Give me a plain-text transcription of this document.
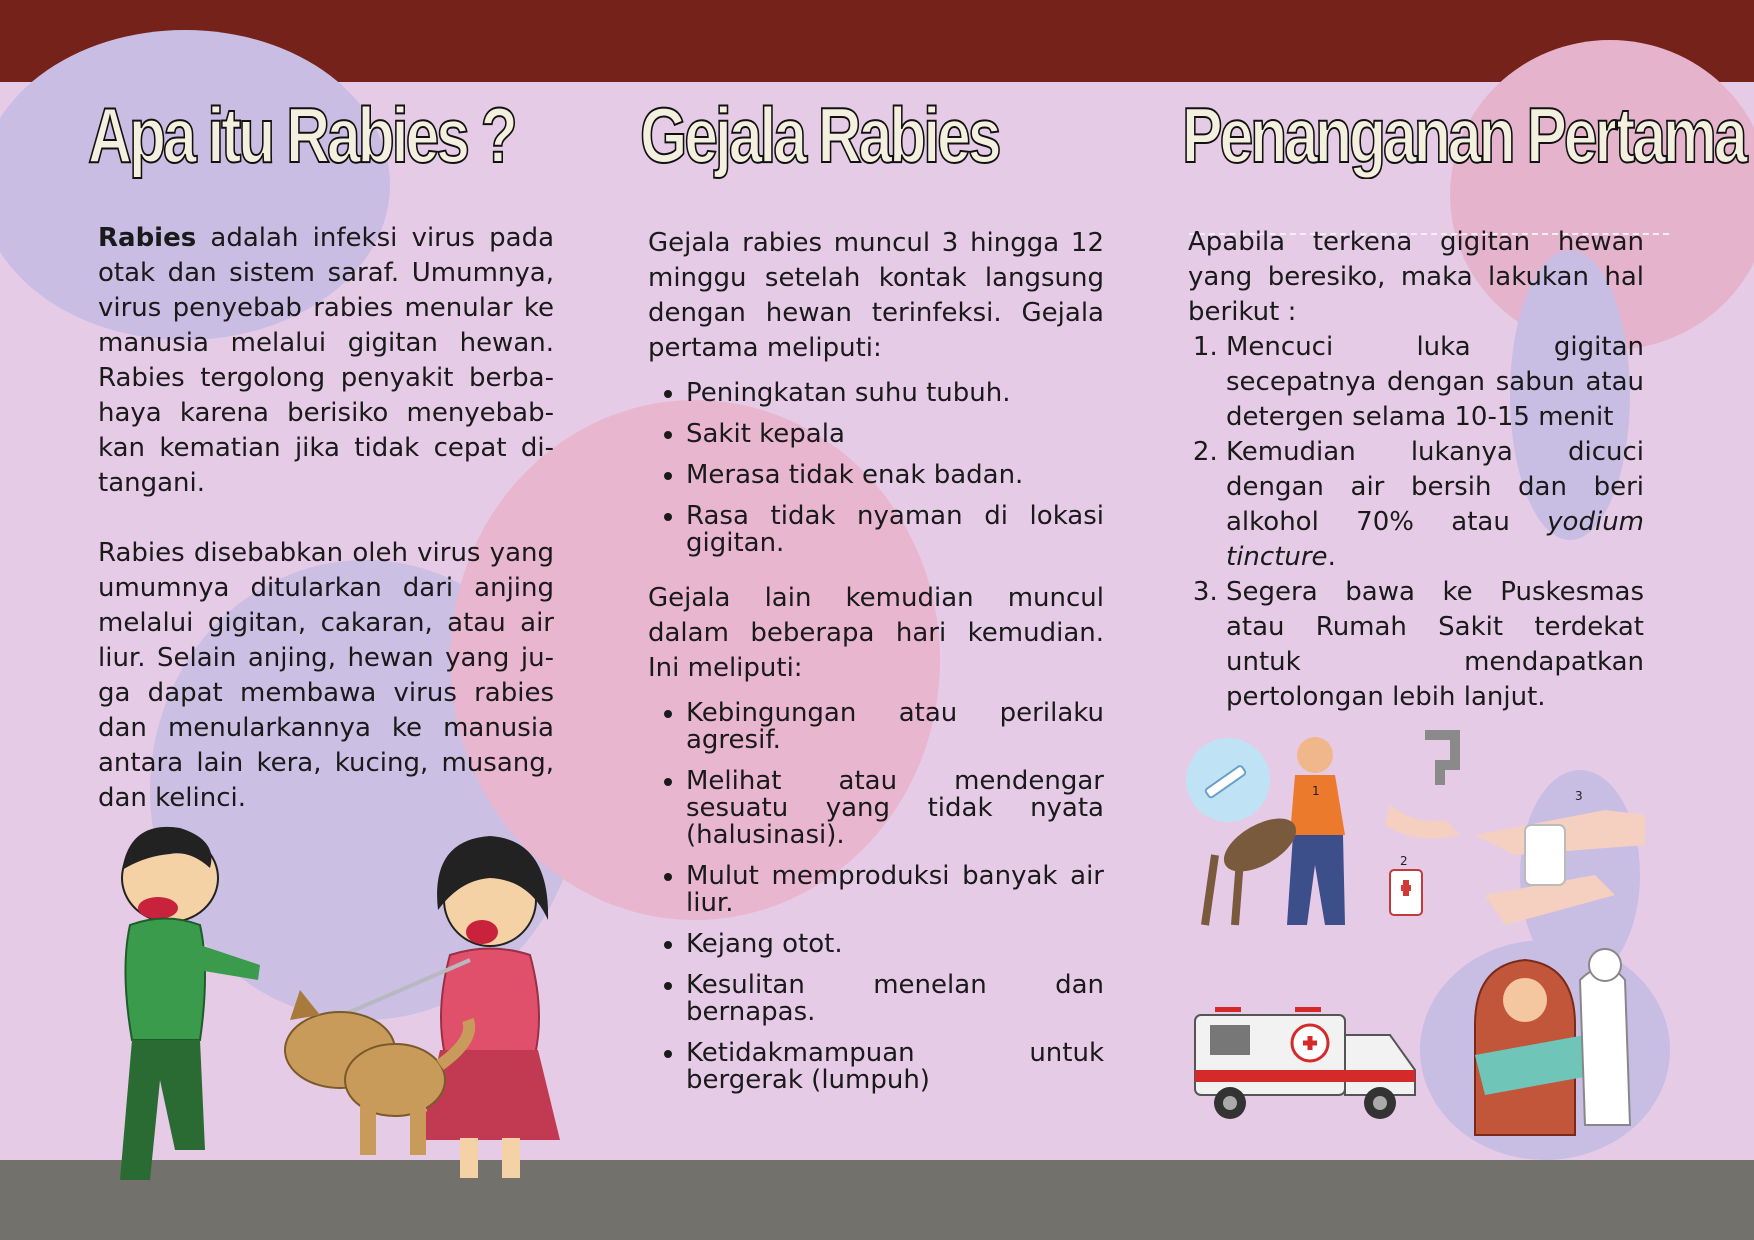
Apa itu Rabies ?

Rabies adalah infeksi virus pada otak dan sistem saraf. Umumnya, virus penyebab rabies menular ke manusia melalui gigitan hewan. Rabies tergolong penyakit berba-haya karena berisiko menyebab-kan kematian jika tidak cepat di-tangani.

Rabies disebabkan oleh virus yang umumnya ditularkan dari anjing melalui gigitan, cakaran, atau air liur. Selain anjing, hewan yang ju-ga dapat membawa virus rabies dan menularkannya ke manusia antara lain kera, kucing, musang, dan kelinci.

Gejala Rabies

Gejala rabies muncul 3 hingga 12 minggu setelah kontak langsung dengan hewan terinfeksi. Gejala pertama meliputi:

• Peningkatan suhu tubuh.
• Sakit kepala
• Merasa tidak enak badan.
• Rasa tidak nyaman di lokasi gigitan.

Gejala lain kemudian muncul dalam beberapa hari kemudian. Ini meliputi:

• Kebingungan atau perilaku agresif.
• Melihat atau mendengar sesuatu yang tidak nyata (halusinasi).
• Mulut memproduksi banyak air liur.
• Kejang otot.
• Kesulitan menelan dan bernapas.
• Ketidakmampuan untuk bergerak (lumpuh)
Penanganan Pertama

Apabila terkena gigitan hewan yang beresiko, maka lakukan hal berikut :

1. Mencuci luka gigitan secepatnya dengan sabun atau detergen selama 10-15 menit
2. Kemudian lukanya dicuci dengan air bersih dan beri alkohol 70% atau yodium tincture.
3. Segera bawa ke Puskesmas atau Rumah Sakit terdekat untuk mendapatkan pertolongan lebih lanjut.
1
2
3
